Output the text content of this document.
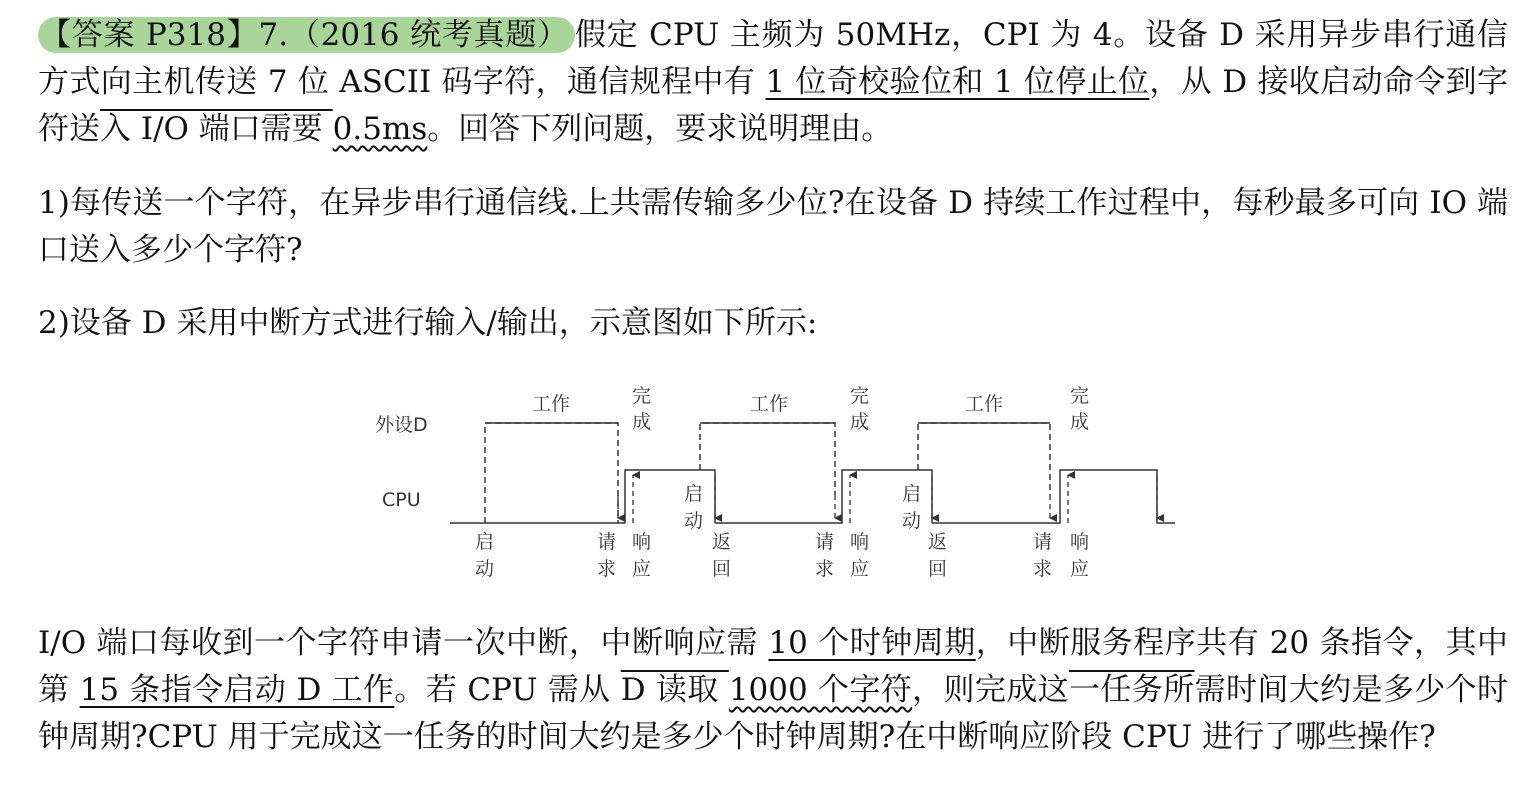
【答案 P318】7.（2016 统考真题） 假定 CPU 主频为 50MHz，CPI 为 4。设备 D 采用异步串行通信方式向主机传送 7 位 ASCII 码字符，通信规程中有 1 位奇校验位和 1 位停止位，从 D 接收启动命令到字符送入 I/O 端口需要 0.5ms。回答下列问题，要求说明理由。

1)每传送一个字符，在异步串行通信线.上共需传输多少位?在设备 D 持续工作过程中，每秒最多可向 IO 端口送入多少个字符?

2)设备 D 采用中断方式进行输入/输出，示意图如下所示:

外设D
CPU
工作	工作	工作
完
成
完
成
完
成
启
动
启
动
启
动
请
求
响
应
返
回
请
求
响
应
返
回
请
求
响
应

I/O 端口每收到一个字符申请一次中断，中断响应需 10 个时钟周期，中断服务程序共有 20 条指令，其中第 15 条指令启动 D 工作。若 CPU 需从 D 读取 1000 个字符，则完成这一任务所需时间大约是多少个时钟周期?CPU 用于完成这一任务的时间大约是多少个时钟周期?在中断响应阶段 CPU 进行了哪些操作?
